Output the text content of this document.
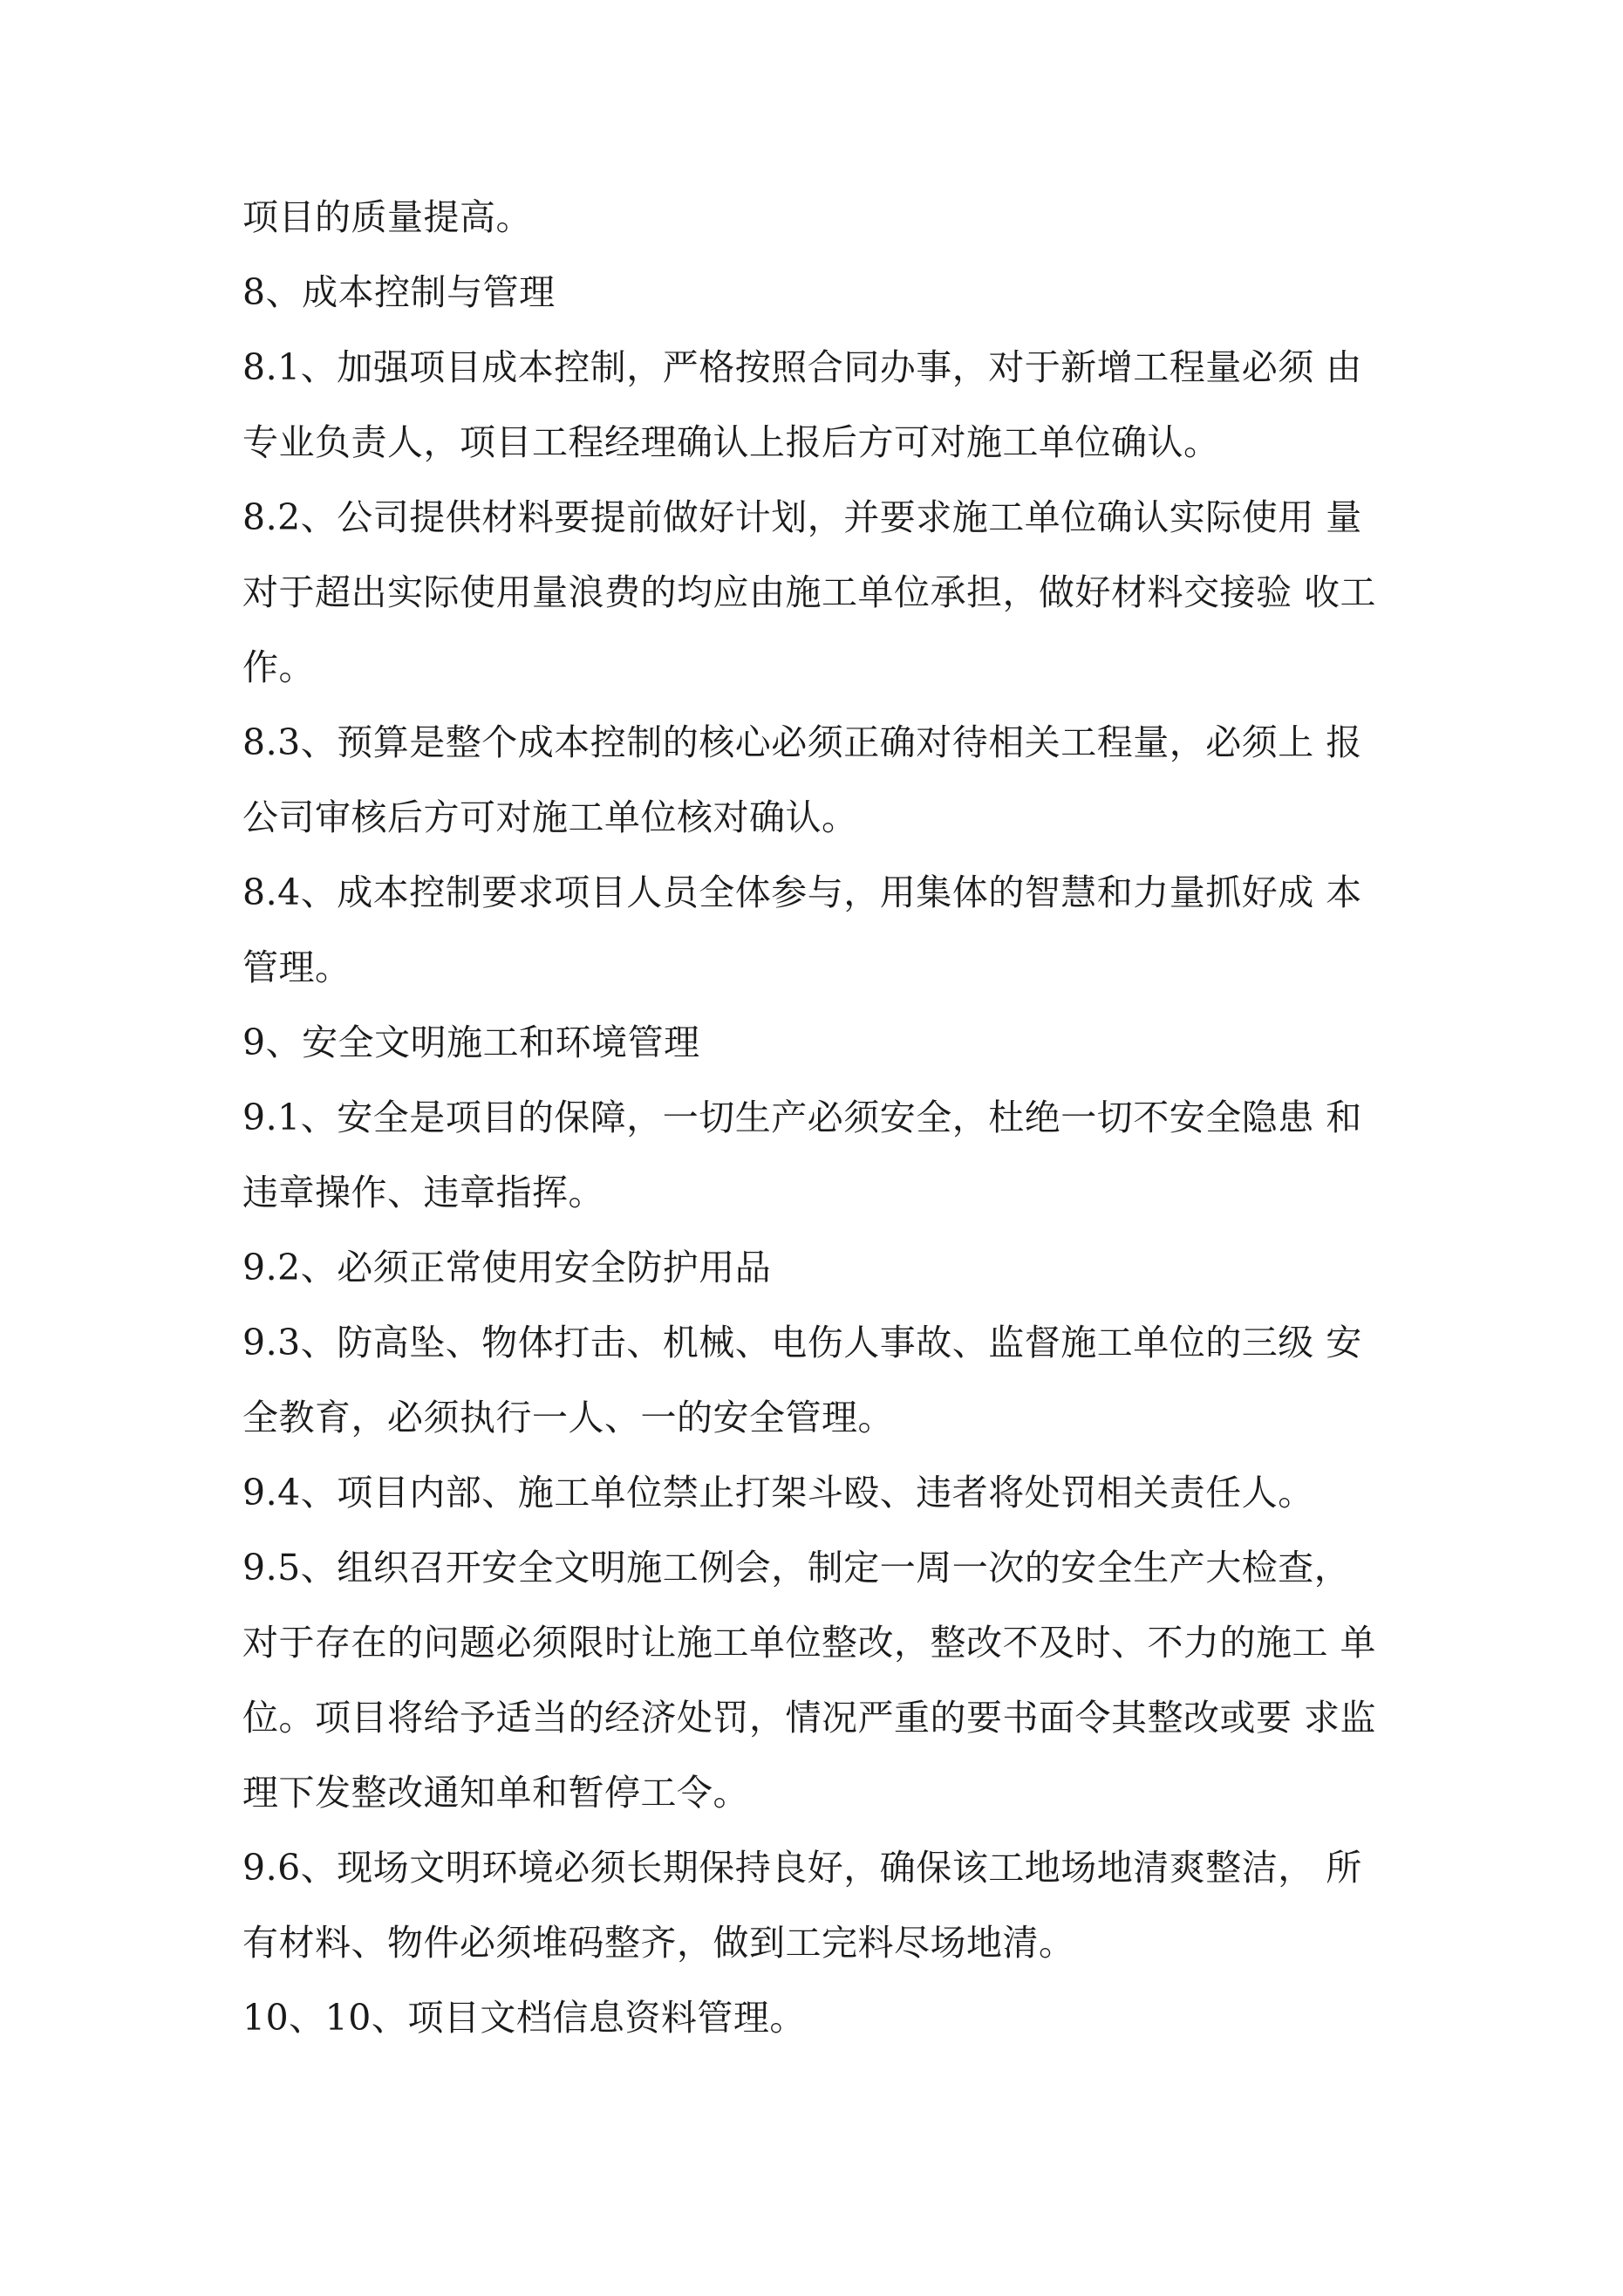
项目的质量提高。
8、成本控制与管理
8.1、加强项目成本控制，严格按照合同办事，对于新增工程量必须 由
专业负责人，项目工程经理确认上报后方可对施工单位确认。
8.2、公司提供材料要提前做好计划，并要求施工单位确认实际使用 量
对于超出实际使用量浪费的均应由施工单位承担，做好材料交接验 收工
作。
8.3、预算是整个成本控制的核心必须正确对待相关工程量，必须上 报
公司审核后方可对施工单位核对确认。
8.4、成本控制要求项目人员全体参与，用集体的智慧和力量抓好成 本
管理。
9、安全文明施工和环境管理
9.1、安全是项目的保障，一切生产必须安全，杜绝一切不安全隐患 和
违章操作、违章指挥。
9.2、必须正常使用安全防护用品
9.3、防高坠、物体打击、机械、电伤人事故、监督施工单位的三级 安
全教育，必须执行一人、一的安全管理。
9.4、项目内部、施工单位禁止打架斗殴、违者将处罚相关责任人。
9.5、组织召开安全文明施工例会，制定一周一次的安全生产大检查，
对于存在的问题必须限时让施工单位整改，整改不及时、不力的施工 单
位。项目将给予适当的经济处罚，情况严重的要书面令其整改或要 求监
理下发整改通知单和暂停工令。
9.6、现场文明环境必须长期保持良好，确保该工地场地清爽整洁， 所
有材料、物件必须堆码整齐，做到工完料尽场地清。
10、10、项目文档信息资料管理。
